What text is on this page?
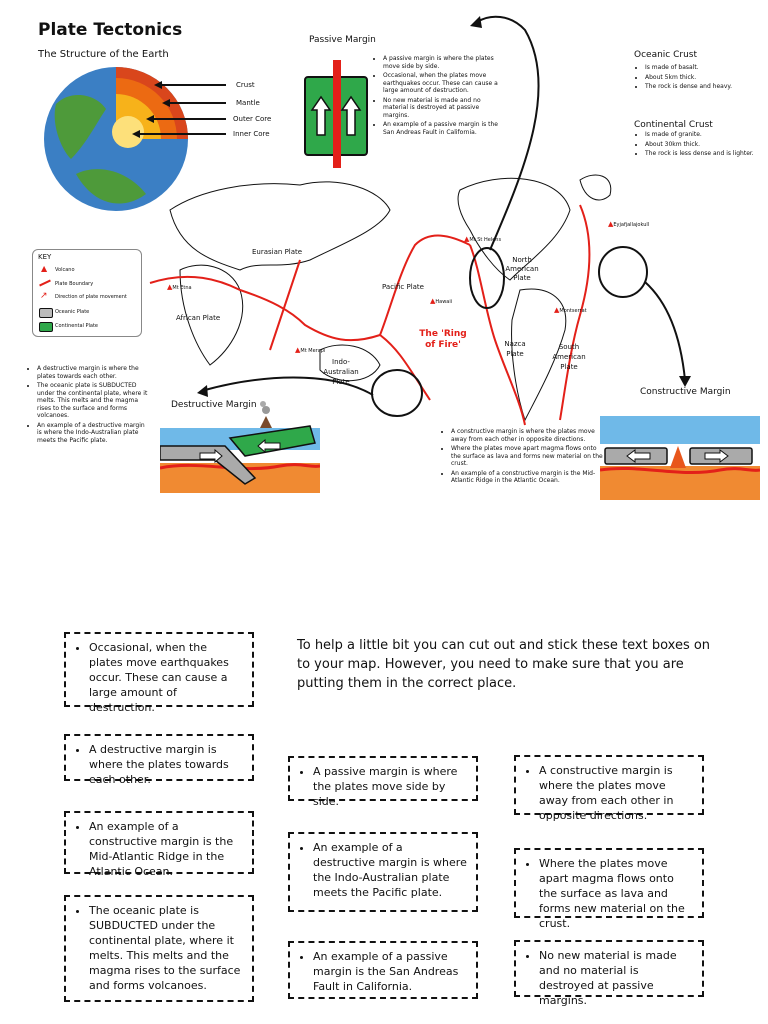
Plate Tectonics
The Structure of the Earth
Crust
Mantle
Outer Core
Inner Core
Passive Margin
• A passive margin is where the plates move side by side.
• Occasional, when the plates move earthquakes occur. These can cause a large amount of destruction.
• No new material is made and no material is destroyed at passive margins.
• An example of a passive margin is the San Andreas Fault in California.
Oceanic Crust
• Is made of basalt.
• About 5km thick.
• The rock is dense and heavy.
Continental Crust
• Is made of granite.
• About 30km thick.
• The rock is less dense and is lighter.
Eurasian Plate
African Plate
Pacific Plate
North American Plate
Nazca Plate
South American Plate
Indo-Australian Plate
The 'Ring of Fire'
▲Mt Etna
▲Mt Merapi
▲Mt St Helens
▲Hawaii
▲Montserrat
▲Eyjafjallajokull
KEY
▲ Volcano
Plate Boundary
↗ Direction of plate movement
Oceanic Plate
Continental Plate
• A destructive margin is where the plates towards each other.
• The oceanic plate is SUBDUCTED under the continental plate, where it melts. This melts and the magma rises to the surface and forms volcanoes.
• An example of a destructive margin is where the Indo-Australian plate meets the Pacific plate.
Destructive Margin
Constructive Margin
• A constructive margin is where the plates move away from each other in opposite directions.
• Where the plates move apart magma flows onto the surface as lava and forms new material on the crust.
• An example of a constructive margin is the Mid-Atlantic Ridge in the Atlantic Ocean.
To help a little bit you can cut out and stick these text boxes on to your map. However, you need to make sure that you are putting them in the correct place.
• Occasional, when the plates move earthquakes occur. These can cause a large amount of destruction.
• A destructive margin is where the plates towards each other.
• An example of a constructive margin is the Mid-Atlantic Ridge in the Atlantic Ocean.
• The oceanic plate is SUBDUCTED under the continental plate, where it melts. This melts and the magma rises to the surface and forms volcanoes.
• A passive margin is where the plates move side by side.
• An example of a destructive margin is where the Indo-Australian plate meets the Pacific plate.
• An example of a passive margin is the San Andreas Fault in California.
• A constructive margin is where the plates move away from each other in opposite directions.
• Where the plates move apart magma flows onto the surface as lava and forms new material on the crust.
• No new material is made and no material is destroyed at passive margins.
